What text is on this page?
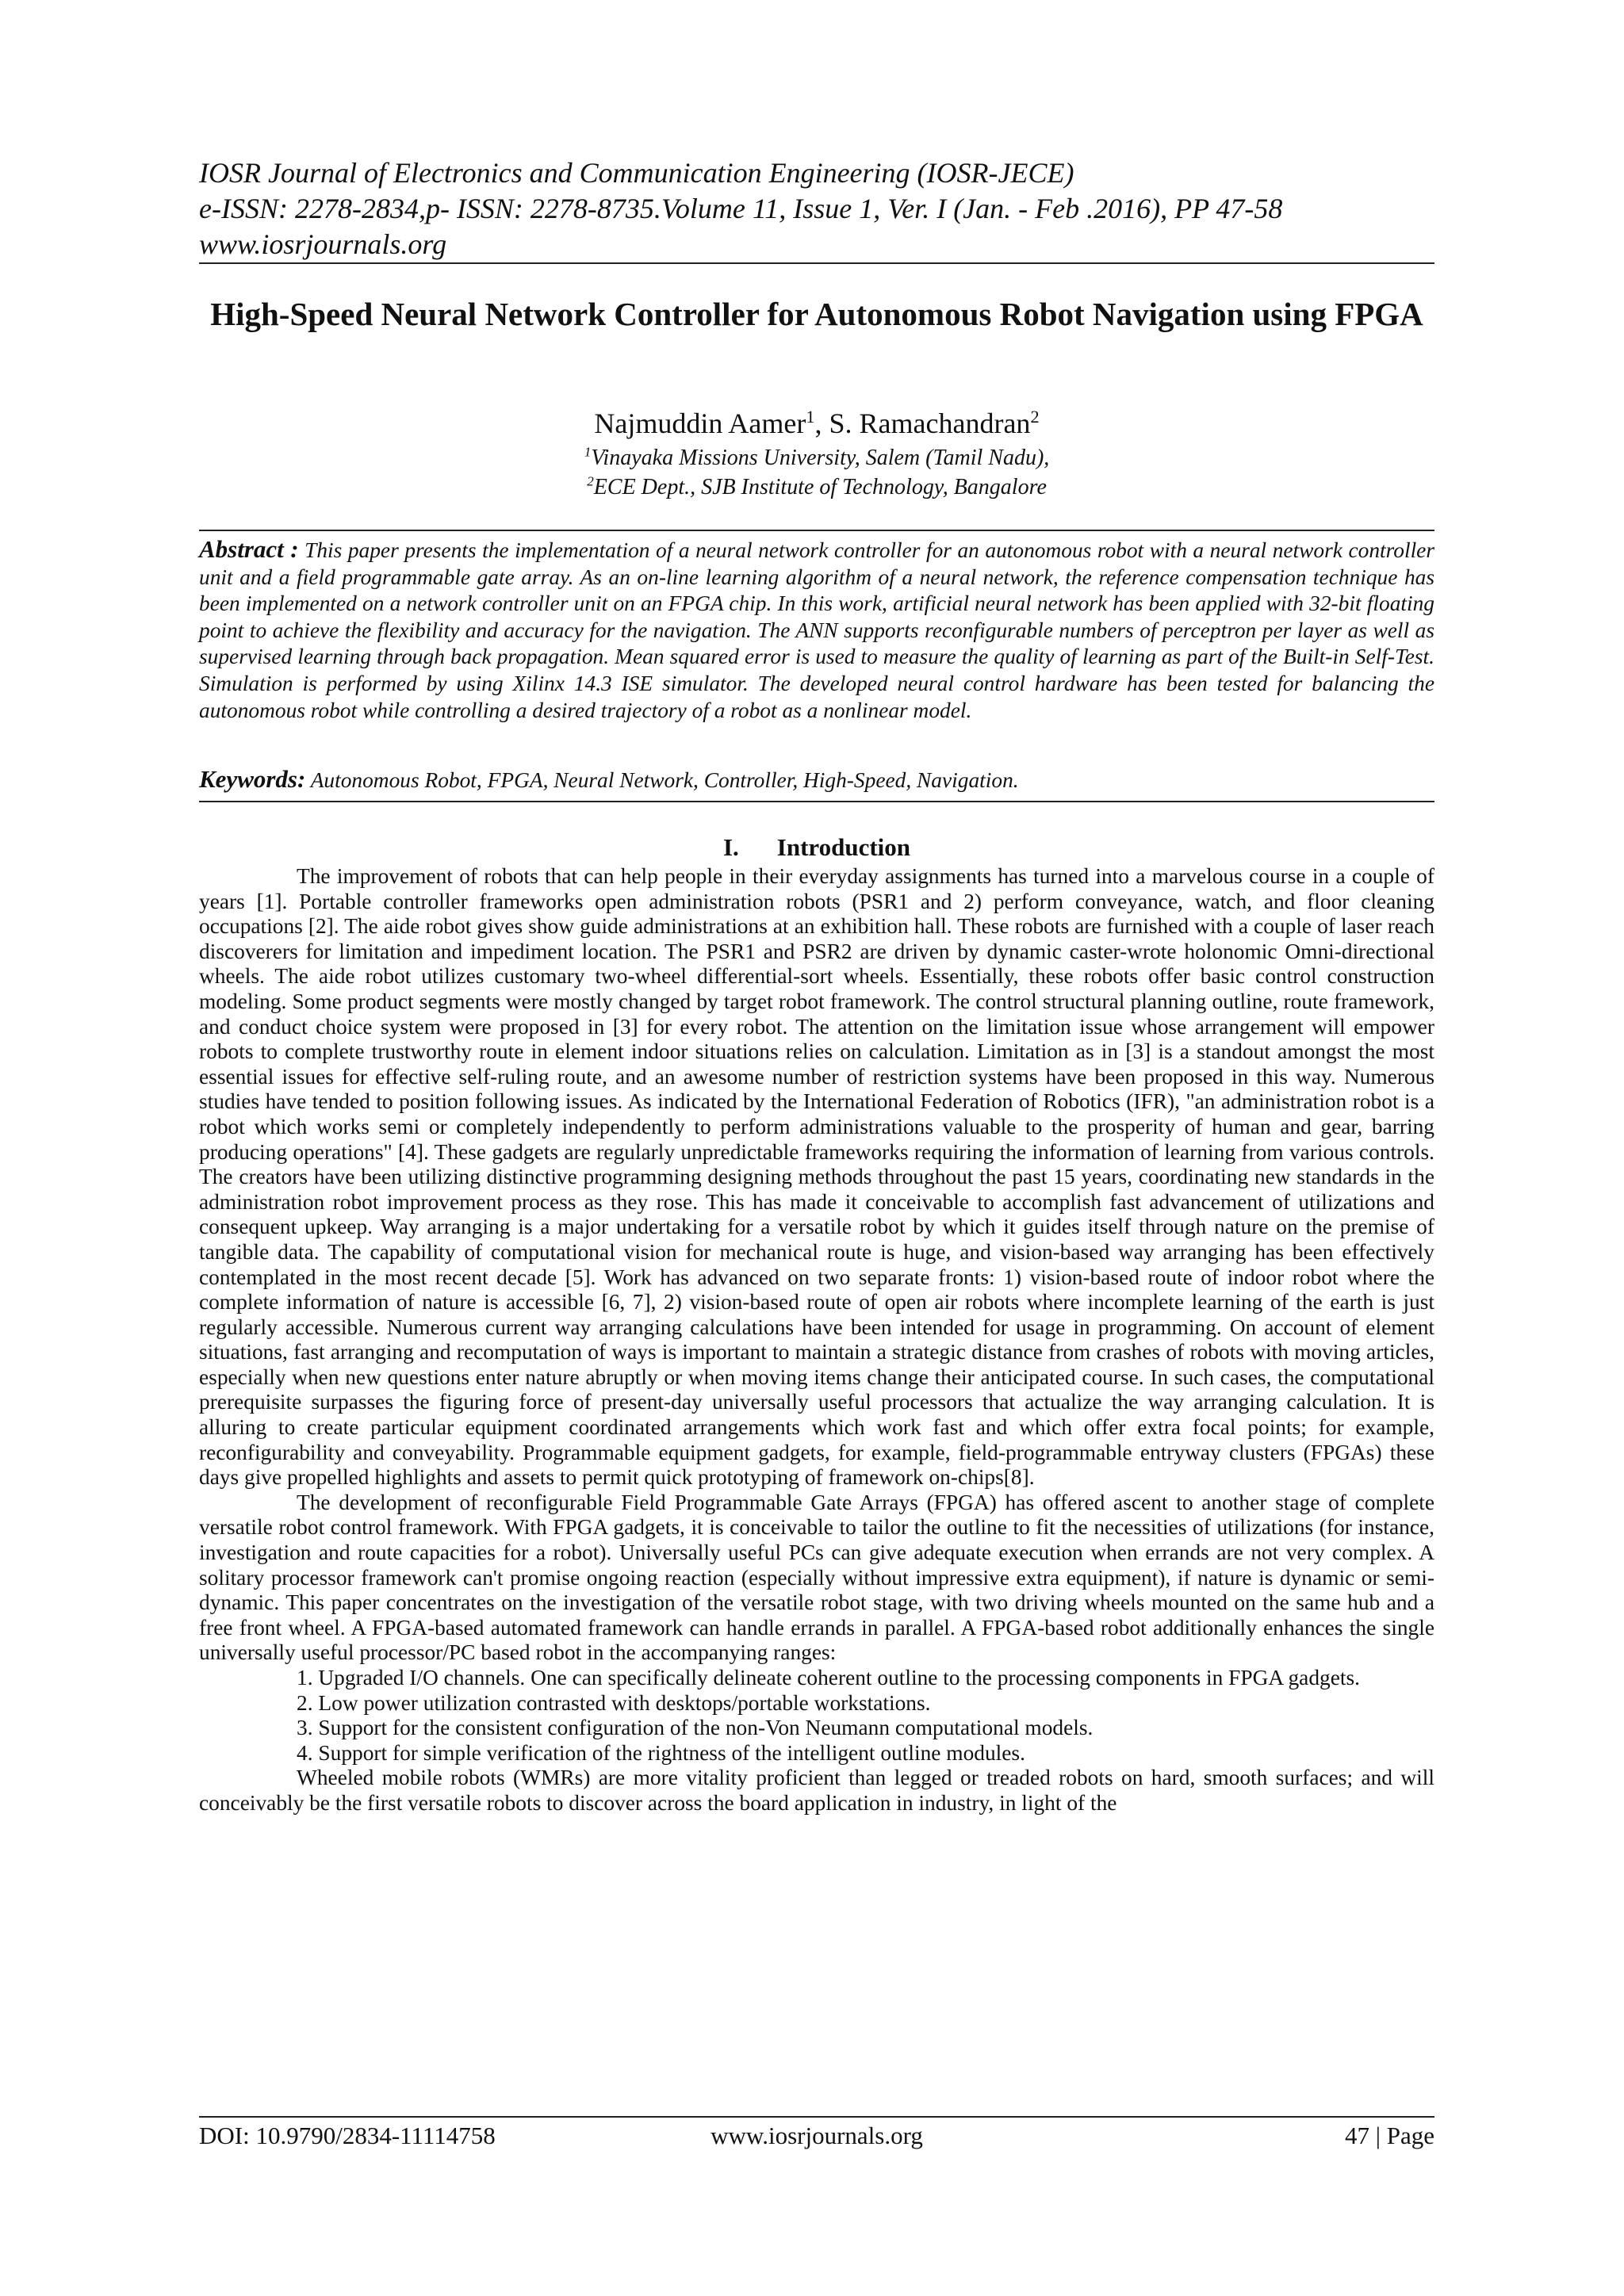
IOSR Journal of Electronics and Communication Engineering (IOSR-JECE)
e-ISSN: 2278-2834,p- ISSN: 2278-8735.Volume 11, Issue 1, Ver. I (Jan. - Feb .2016), PP 47-58
www.iosrjournals.org
High-Speed Neural Network Controller for Autonomous Robot Navigation using FPGA
Najmuddin Aamer$^1$, S. Ramachandran$^2$
$^1$Vinayaka Missions University, Salem (Tamil Nadu),
$^2$ECE Dept., SJB Institute of Technology, Bangalore
Abstract : This paper presents the implementation of a neural network controller for an autonomous robot with a neural network controller unit and a field programmable gate array. As an on-line learning algorithm of a neural network, the reference compensation technique has been implemented on a network controller unit on an FPGA chip. In this work, artificial neural network has been applied with 32-bit floating point to achieve the flexibility and accuracy for the navigation. The ANN supports reconfigurable numbers of perceptron per layer as well as supervised learning through back propagation. Mean squared error is used to measure the quality of learning as part of the Built-in Self-Test. Simulation is performed by using Xilinx 14.3 ISE simulator. The developed neural control hardware has been tested for balancing the autonomous robot while controlling a desired trajectory of a robot as a nonlinear model.
Keywords: Autonomous Robot, FPGA, Neural Network, Controller, High-Speed, Navigation.
I. Introduction

The improvement of robots that can help people in their everyday assignments has turned into a marvelous course in a couple of years [1]. Portable controller frameworks open administration robots (PSR1 and 2) perform conveyance, watch, and floor cleaning occupations [2]. The aide robot gives show guide administrations at an exhibition hall. These robots are furnished with a couple of laser reach discoverers for limitation and impediment location. The PSR1 and PSR2 are driven by dynamic caster-wrote holonomic Omni-directional wheels. The aide robot utilizes customary two-wheel differential-sort wheels. Essentially, these robots offer basic control construction modeling. Some product segments were mostly changed by target robot framework. The control structural planning outline, route framework, and conduct choice system were proposed in [3] for every robot. The attention on the limitation issue whose arrangement will empower robots to complete trustworthy route in element indoor situations relies on calculation. Limitation as in [3] is a standout amongst the most essential issues for effective self-ruling route, and an awesome number of restriction systems have been proposed in this way. Numerous studies have tended to position following issues. As indicated by the International Federation of Robotics (IFR), "an administration robot is a robot which works semi or completely independently to perform administrations valuable to the prosperity of human and gear, barring producing operations" [4]. These gadgets are regularly unpredictable frameworks requiring the information of learning from various controls. The creators have been utilizing distinctive programming designing methods throughout the past 15 years, coordinating new standards in the administration robot improvement process as they rose. This has made it conceivable to accomplish fast advancement of utilizations and consequent upkeep. Way arranging is a major undertaking for a versatile robot by which it guides itself through nature on the premise of tangible data. The capability of computational vision for mechanical route is huge, and vision-based way arranging has been effectively contemplated in the most recent decade [5]. Work has advanced on two separate fronts: 1) vision-based route of indoor robot where the complete information of nature is accessible [6, 7], 2) vision-based route of open air robots where incomplete learning of the earth is just regularly accessible. Numerous current way arranging calculations have been intended for usage in programming. On account of element situations, fast arranging and recomputation of ways is important to maintain a strategic distance from crashes of robots with moving articles, especially when new questions enter nature abruptly or when moving items change their anticipated course. In such cases, the computational prerequisite surpasses the figuring force of present-day universally useful processors that actualize the way arranging calculation. It is alluring to create particular equipment coordinated arrangements which work fast and which offer extra focal points; for example, reconfigurability and conveyability. Programmable equipment gadgets, for example, field-programmable entryway clusters (FPGAs) these days give propelled highlights and assets to permit quick prototyping of framework on-chips[8].

The development of reconfigurable Field Programmable Gate Arrays (FPGA) has offered ascent to another stage of complete versatile robot control framework. With FPGA gadgets, it is conceivable to tailor the outline to fit the necessities of utilizations (for instance, investigation and route capacities for a robot). Universally useful PCs can give adequate execution when errands are not very complex. A solitary processor framework can't promise ongoing reaction (especially without impressive extra equipment), if nature is dynamic or semi-dynamic. This paper concentrates on the investigation of the versatile robot stage, with two driving wheels mounted on the same hub and a free front wheel. A FPGA-based automated framework can handle errands in parallel. A FPGA-based robot additionally enhances the single universally useful processor/PC based robot in the accompanying ranges:

1. Upgraded I/O channels. One can specifically delineate coherent outline to the processing components in FPGA gadgets.

2. Low power utilization contrasted with desktops/portable workstations.

3. Support for the consistent configuration of the non-Von Neumann computational models.

4. Support for simple verification of the rightness of the intelligent outline modules.

Wheeled mobile robots (WMRs) are more vitality proficient than legged or treaded robots on hard, smooth surfaces; and will conceivably be the first versatile robots to discover across the board application in industry, in light of the

DOI: 10.9790/2834-11114758	www.iosrjournals.org	47 | Page
